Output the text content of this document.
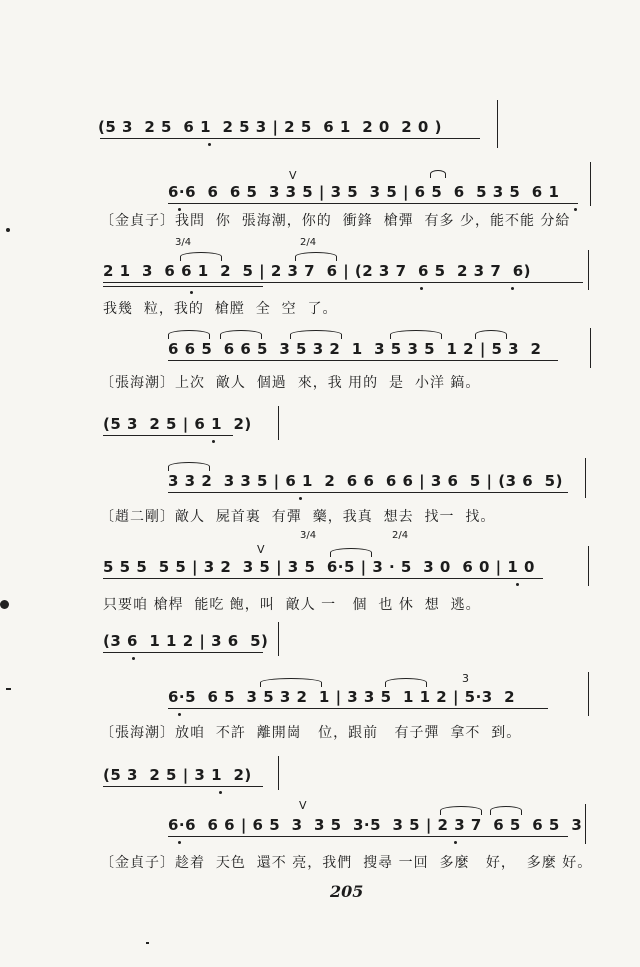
(5 3  2 5  6 1  2 5 3 | 2 5  6 1  2 0  2 0 )
V
6·6  6  6 5  3 3 5 | 3 5  3 5 | 6 5  6  5 3 5  6 1
〔金貞子〕我問  你  張海潮，你的  衝鋒  槍彈  有多 少，能不能 分給
3/4	2/4
2 1  3  6 6 1  2  5 | 2 3 7  6 | (2 3 7  6 5  2 3 7  6)
我幾  粒，我的  槍膛  全  空  了。
6 6 5  6 6 5  3 5 3 2  1  3 5 3 5  1 2 | 5 3  2
〔張海潮〕上次  敵人  個過  來，我 用的  是  小洋 鎬。
(5 3  2 5 | 6 1  2)
3 3 2  3 3 5 | 6 1  2  6 6  6 6 | 3 6  5 | (3 6  5)
〔趙二剛〕敵人  屍首裏  有彈  藥，我真  想去  找一  找。
3/4	2/4
V
5 5 5  5 5 | 3 2  3 5 | 3 5  6·5 | 3 · 5  3 0  6 0 | 1 0
只要咱 槍桿  能吃 飽，叫  敵人 一   個  也 休  想  逃。
(3 6  1 1 2 | 3 6  5)
3
6·5  6 5  3 5 3 2  1 | 3 3 5  1 1 2 | 5·3  2
〔張海潮〕放咱  不許  離開崗   位，跟前   有子彈  拿不  到。
(5 3  2 5 | 3 1  2)
V
6·6  6 6 | 6 5  3  3 5  3·5  3 5 | 2 3 7  6 5  6 5  3
〔金貞子〕趁着  天色  還不 亮，我們  搜尋 一回  多麼   好，  多麼 好。
205
